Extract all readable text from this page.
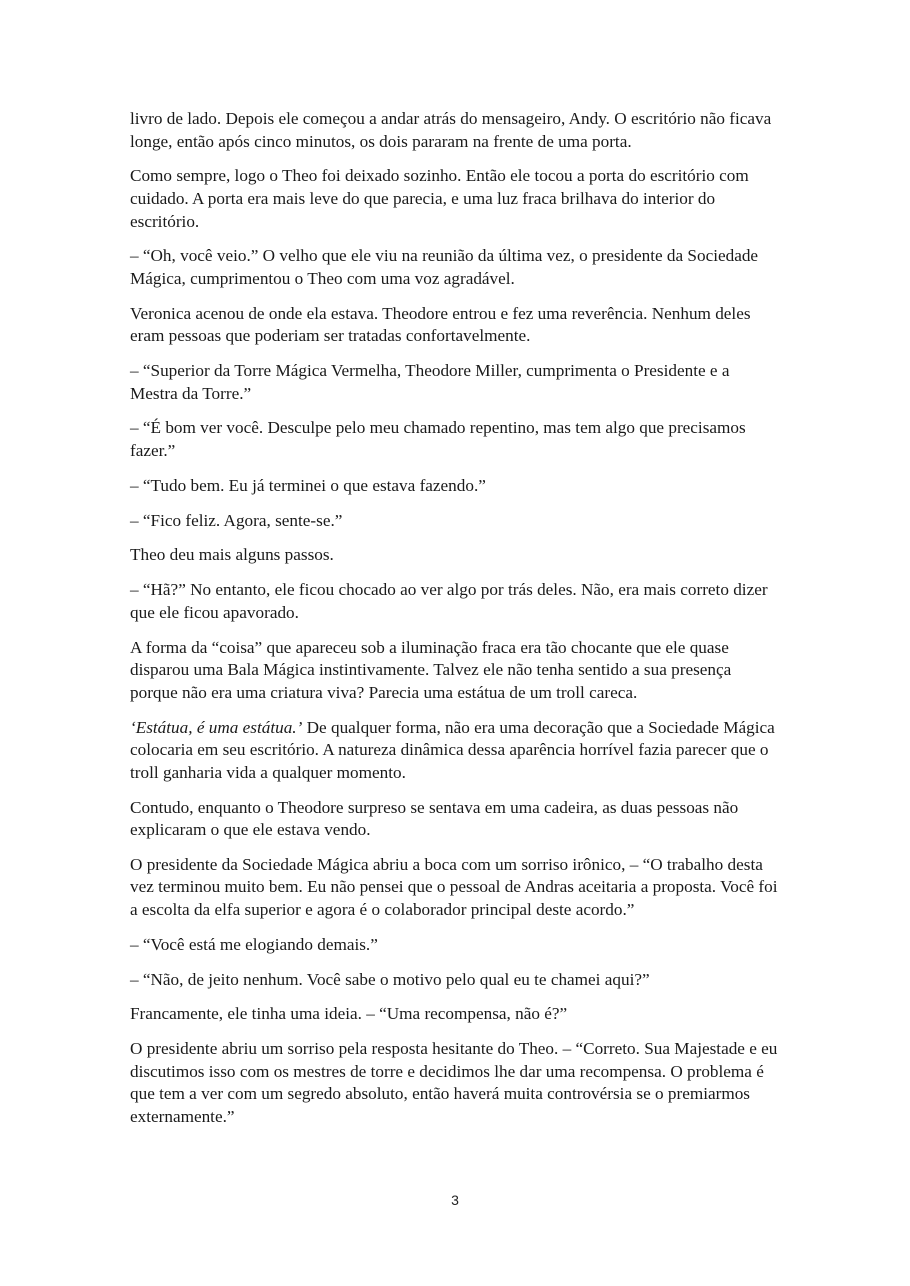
livro de lado. Depois ele começou a andar atrás do mensageiro, Andy. O escritório não ficava longe, então após cinco minutos, os dois pararam na frente de uma porta.

Como sempre, logo o Theo foi deixado sozinho. Então ele tocou a porta do escritório com cuidado. A porta era mais leve do que parecia, e uma luz fraca brilhava do interior do escritório.

– “Oh, você veio.” O velho que ele viu na reunião da última vez, o presidente da Sociedade Mágica, cumprimentou o Theo com uma voz agradável.

Veronica acenou de onde ela estava. Theodore entrou e fez uma reverência. Nenhum deles eram pessoas que poderiam ser tratadas confortavelmente.

– “Superior da Torre Mágica Vermelha, Theodore Miller, cumprimenta o Presidente e a Mestra da Torre.”

– “É bom ver você. Desculpe pelo meu chamado repentino, mas tem algo que precisamos fazer.”

– “Tudo bem. Eu já terminei o que estava fazendo.”

– “Fico feliz. Agora, sente-se.”

Theo deu mais alguns passos.

– “Hã?” No entanto, ele ficou chocado ao ver algo por trás deles. Não, era mais correto dizer que ele ficou apavorado.

A forma da “coisa” que apareceu sob a iluminação fraca era tão chocante que ele quase disparou uma Bala Mágica instintivamente. Talvez ele não tenha sentido a sua presença porque não era uma criatura viva? Parecia uma estátua de um troll careca.

‘Estátua, é uma estátua.’ De qualquer forma, não era uma decoração que a Sociedade Mágica colocaria em seu escritório. A natureza dinâmica dessa aparência horrível fazia parecer que o troll ganharia vida a qualquer momento.

Contudo, enquanto o Theodore surpreso se sentava em uma cadeira, as duas pessoas não explicaram o que ele estava vendo.

O presidente da Sociedade Mágica abriu a boca com um sorriso irônico, – “O trabalho desta vez terminou muito bem. Eu não pensei que o pessoal de Andras aceitaria a proposta. Você foi a escolta da elfa superior e agora é o colaborador principal deste acordo.”

– “Você está me elogiando demais.”

– “Não, de jeito nenhum. Você sabe o motivo pelo qual eu te chamei aqui?”

Francamente, ele tinha uma ideia. – “Uma recompensa, não é?”

O presidente abriu um sorriso pela resposta hesitante do Theo. – “Correto. Sua Majestade e eu discutimos isso com os mestres de torre e decidimos lhe dar uma recompensa. O problema é que tem a ver com um segredo absoluto, então haverá muita controvérsia se o premiarmos externamente.”

3
